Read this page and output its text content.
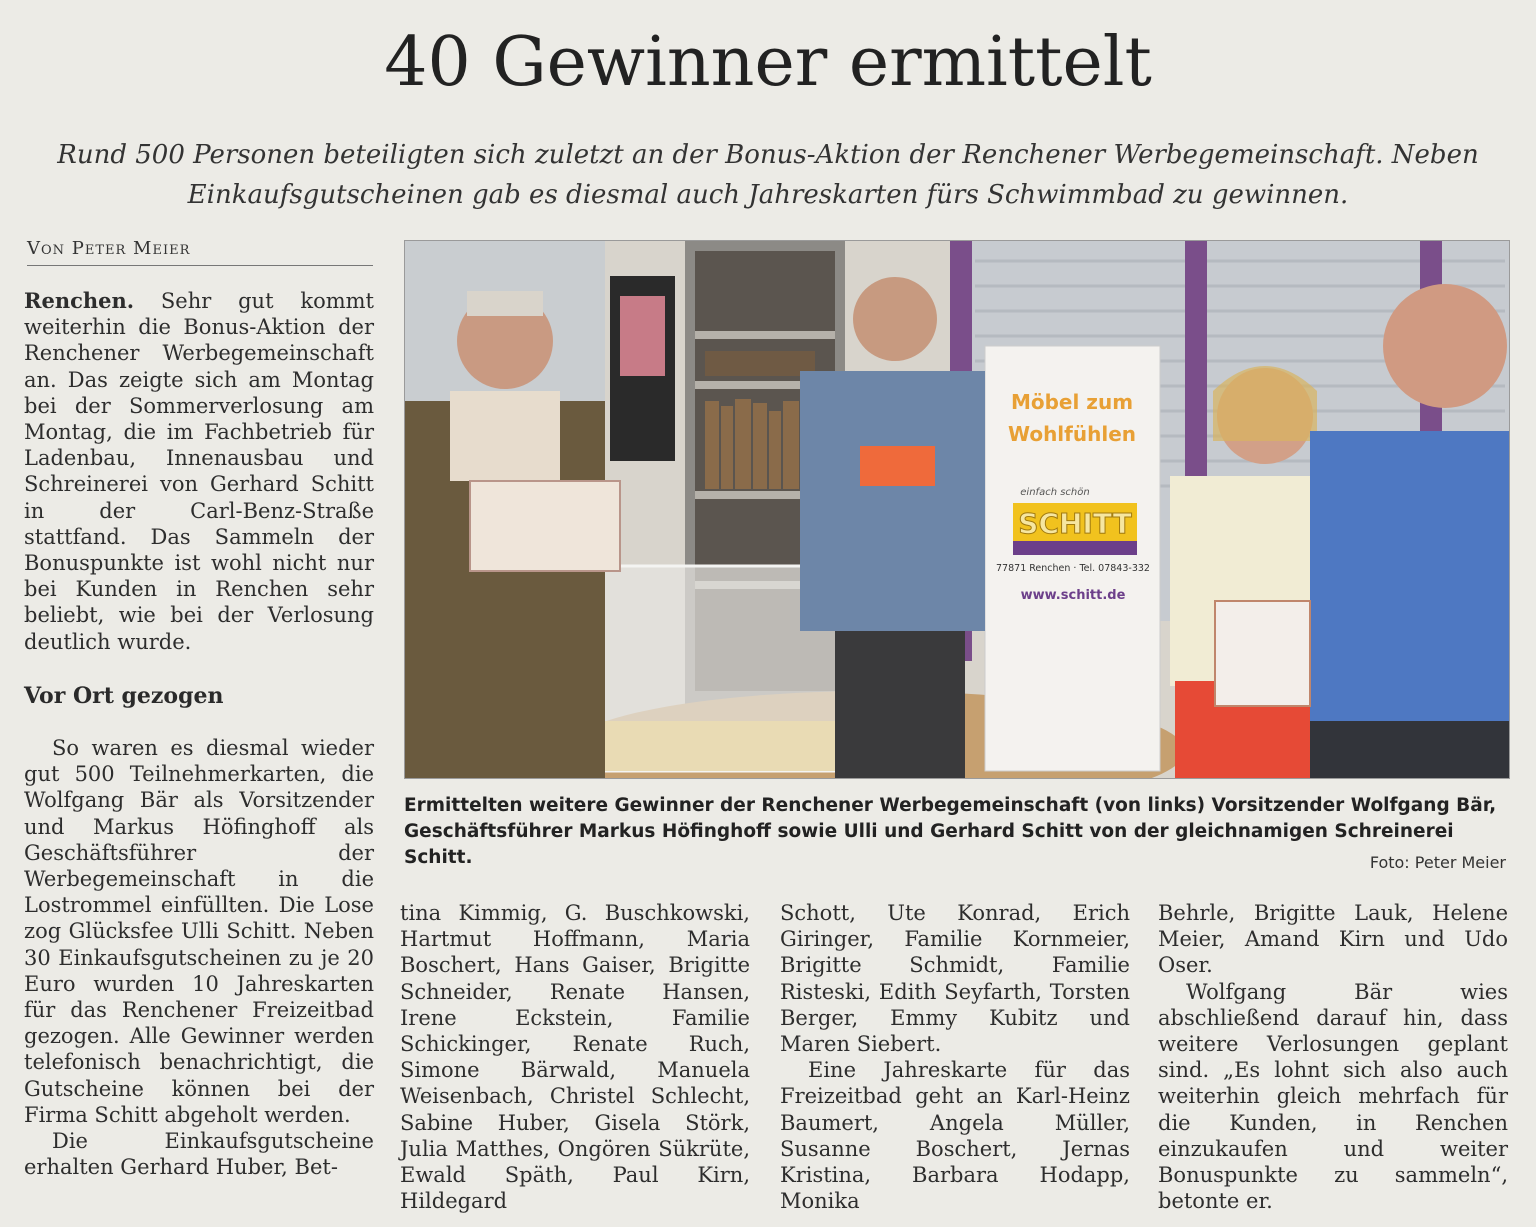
40 Gewinner ermittelt
Rund 500 Personen beteiligten sich zuletzt an der Bonus-Aktion der Renchener Werbegemeinschaft. Neben
Einkaufsgutscheinen gab es diesmal auch Jahreskarten fürs Schwimmbad zu gewinnen.
Von Peter Meier

Renchen. Sehr gut kommt weiterhin die Bonus-Aktion der Renchener Werbegemeinschaft an. Das zeigte sich am Montag bei der Sommerverlosung am Montag, die im Fachbetrieb für Ladenbau, Innenausbau und Schreinerei von Gerhard Schitt in der Carl-Benz-Straße stattfand. Das Sammeln der Bonuspunkte ist wohl nicht nur bei Kunden in Renchen sehr beliebt, wie bei der Verlosung deutlich wurde.

Vor Ort gezogen

So waren es diesmal wieder gut 500 Teilnehmerkarten, die Wolfgang Bär als Vorsitzender und Markus Höfinghoff als Geschäftsführer der Werbegemeinschaft in die Lostrommel einfüllten. Die Lose zog Glücksfee Ulli Schitt. Neben 30 Einkaufsgutscheinen zu je 20 Euro wurden 10 Jahreskarten für das Renchener Freizeitbad gezogen. Alle Gewinner werden telefonisch benachrichtigt, die Gutscheine können bei der Firma Schitt abgeholt werden.

Die Einkaufsgutscheine erhalten Gerhard Huber, Bet-

Möbel zum
Wohlfühlen
einfach schön
SCHITT
77871 Renchen · Tel. 07843-332
www.schitt.de
Ermittelten weitere Gewinner der Renchener Werbegemeinschaft (von links) Vorsitzender Wolfgang Bär, Geschäftsführer Markus Höfinghoff sowie Ulli und Gerhard Schitt von der gleichnamigen Schreinerei Schitt.	Foto: Peter Meier

tina Kimmig, G. Buschkowski, Hartmut Hoffmann, Maria Boschert, Hans Gaiser, Brigitte Schneider, Renate Hansen, Irene Eckstein, Familie Schickinger, Renate Ruch, Simone Bärwald, Manuela Weisenbach, Christel Schlecht, Sabine Huber, Gisela Störk, Julia Matthes, Ongören Sükrüte, Ewald Späth, Paul Kirn, Hildegard

Schott, Ute Konrad, Erich Giringer, Familie Kornmeier, Brigitte Schmidt, Familie Risteski, Edith Seyfarth, Torsten Berger, Emmy Kubitz und Maren Siebert.

Eine Jahreskarte für das Freizeitbad geht an Karl-Heinz Baumert, Angela Müller, Susanne Boschert, Jernas Kristina, Barbara Hodapp, Monika

Behrle, Brigitte Lauk, Helene Meier, Amand Kirn und Udo Oser.

Wolfgang Bär wies abschließend darauf hin, dass weitere Verlosungen geplant sind. „Es lohnt sich also auch weiterhin gleich mehrfach für die Kunden, in Renchen einzukaufen und weiter Bonuspunkte zu sammeln“, betonte er.
